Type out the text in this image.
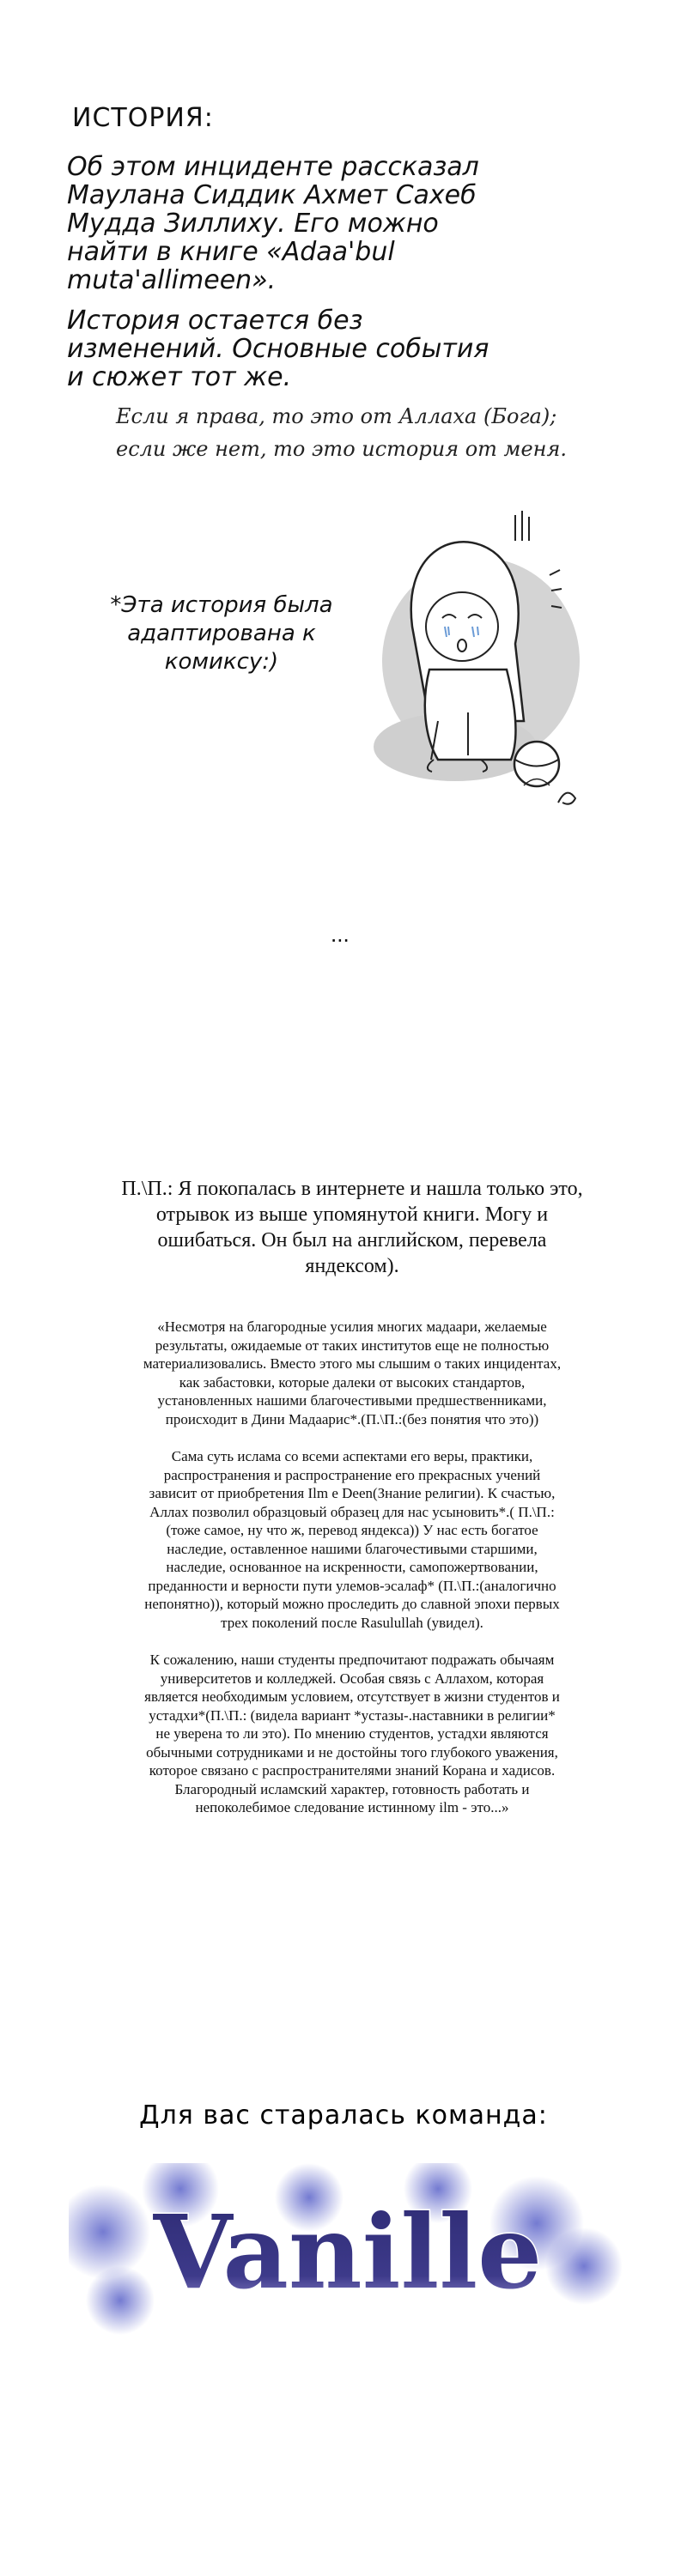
ИСТОРИЯ:
Об этом инциденте рассказал Маулана Сиддик Ахмет Сахеб Мудда Зиллиху. Его можно найти в книге «Adaa'bul muta'allimeen».
История остается без изменений. Основные события и сюжет тот же.
Если я права, то это от Аллаха (Бога);
если же нет, то это история от меня.
*Эта история была адаптирована к комиксу:)
...
П.\П.: Я покопалась в интернете и нашла только это, отрывок из выше упомянутой книги. Могу и ошибаться. Он был на английском, перевела яндексом).

«Несмотря на благородные усилия многих мадаари, желаемые результаты, ожидаемые от таких институтов еще не полностью материализовались. Вместо этого мы слышим о таких инцидентах, как забастовки, которые далеки от высоких стандартов, установленных нашими благочестивыми предшественниками, происходит в Дини Мадаарис*.(П.\П.:(без понятия что это))

Сама суть ислама со всеми аспектами его веры, практики, распространения и распространение его прекрасных учений зависит от приобретения Ilm e Deen(Знание религии). К счастью, Аллах позволил образцовый образец для нас усыновить*.( П.\П.:(тоже самое, ну что ж, перевод яндекса)) У нас есть богатое наследие, оставленное нашими благочестивыми старшими, наследие, основанное на искренности, самопожертвовании, преданности и верности пути улемов-эсалаф* (П.\П.:(аналогично непонятно)), который можно проследить до славной эпохи первых трех поколений после Rasulullah (увидел).

К сожалению, наши студенты предпочитают подражать обычаям университетов и колледжей. Особая связь с Аллахом, которая является необходимым условием, отсутствует в жизни студентов и устадхи*(П.\П.: (видела вариант *устазы-.наставники в религии* не уверена то ли это). По мнению студентов, устадхи являются обычными сотрудниками и не достойны того глубокого уважения, которое связано с распространителями знаний Корана и хадисов. Благородный исламский характер, готовность работать и непоколебимое следование истинному ilm - это...»

Для вас старалась команда:
Vanille
